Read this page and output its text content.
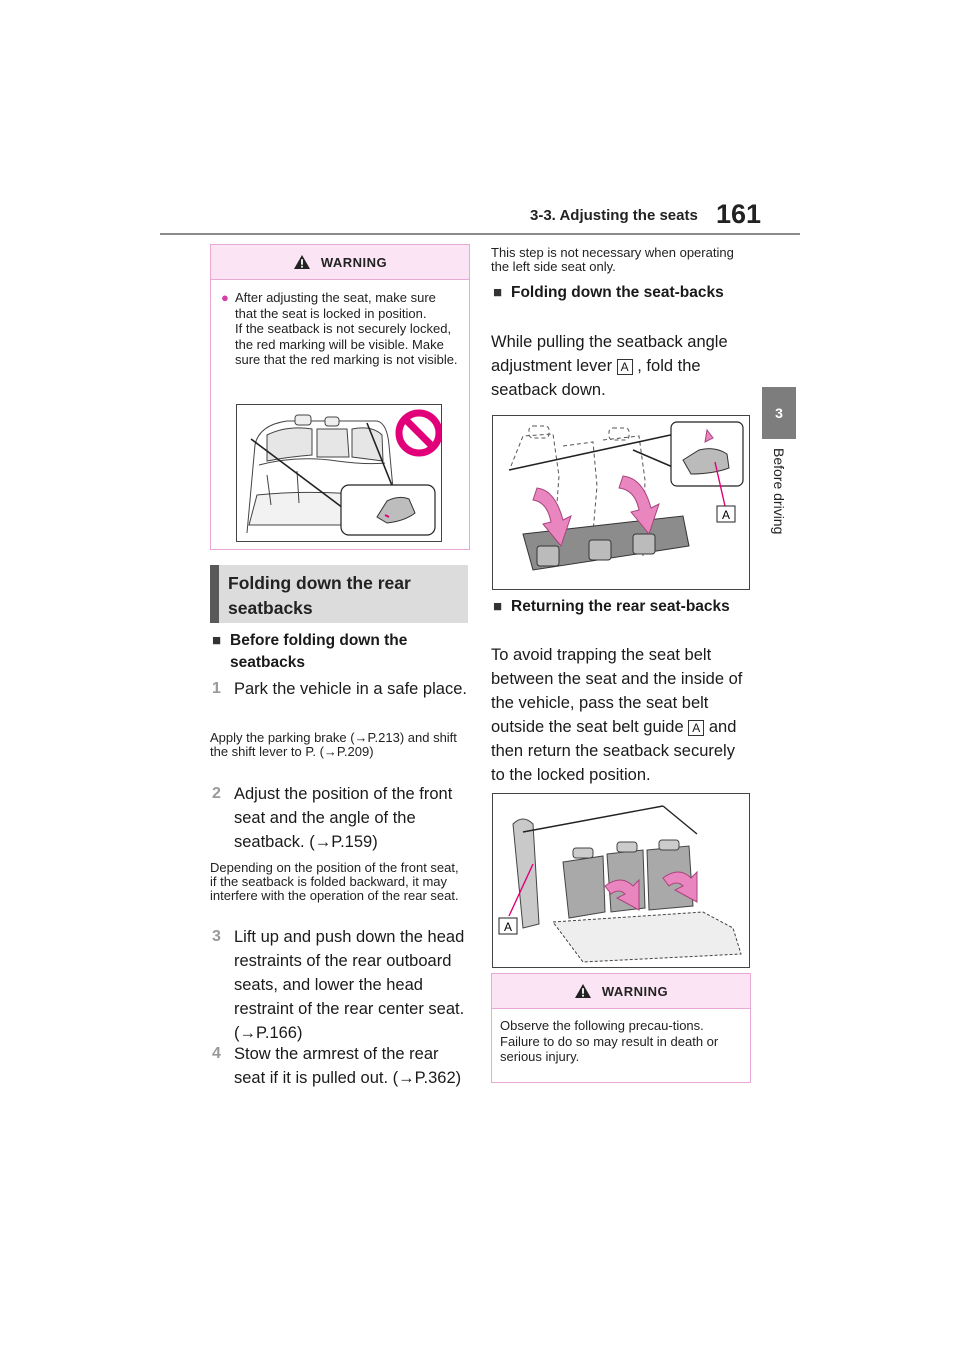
3-3. Adjusting the seats 161
3
Before driving
WARNING
● After adjusting the seat, make sure that the seat is locked in position.
If the seatback is not securely locked, the red marking will be visible. Make sure that the red marking is not visible.
Folding down the rear seatbacks
■ Before folding down the seatbacks
1 Park the vehicle in a safe place.
Apply the parking brake (→P.213) and shift the shift lever to P. (→P.209)
2 Adjust the position of the front seat and the angle of the seatback. (→P.159)
Depending on the position of the front seat, if the seatback is folded backward, it may interfere with the operation of the rear seat.
3 Lift up and push down the head restraints of the rear outboard seats, and lower the head restraint of the rear center seat. (→P.166)
4 Stow the armrest of the rear seat if it is pulled out. (→P.362)
This step is not necessary when operating the left side seat only.
■ Folding down the seat-backs
While pulling the seatback angle adjustment lever A , fold the seatback down.
A
■ Returning the rear seat-backs
To avoid trapping the seat belt between the seat and the inside of the vehicle, pass the seat belt outside the seat belt guide A and then return the seatback securely to the locked position.
A
WARNING
Observe the following precau-tions.
Failure to do so may result in death or serious injury.
